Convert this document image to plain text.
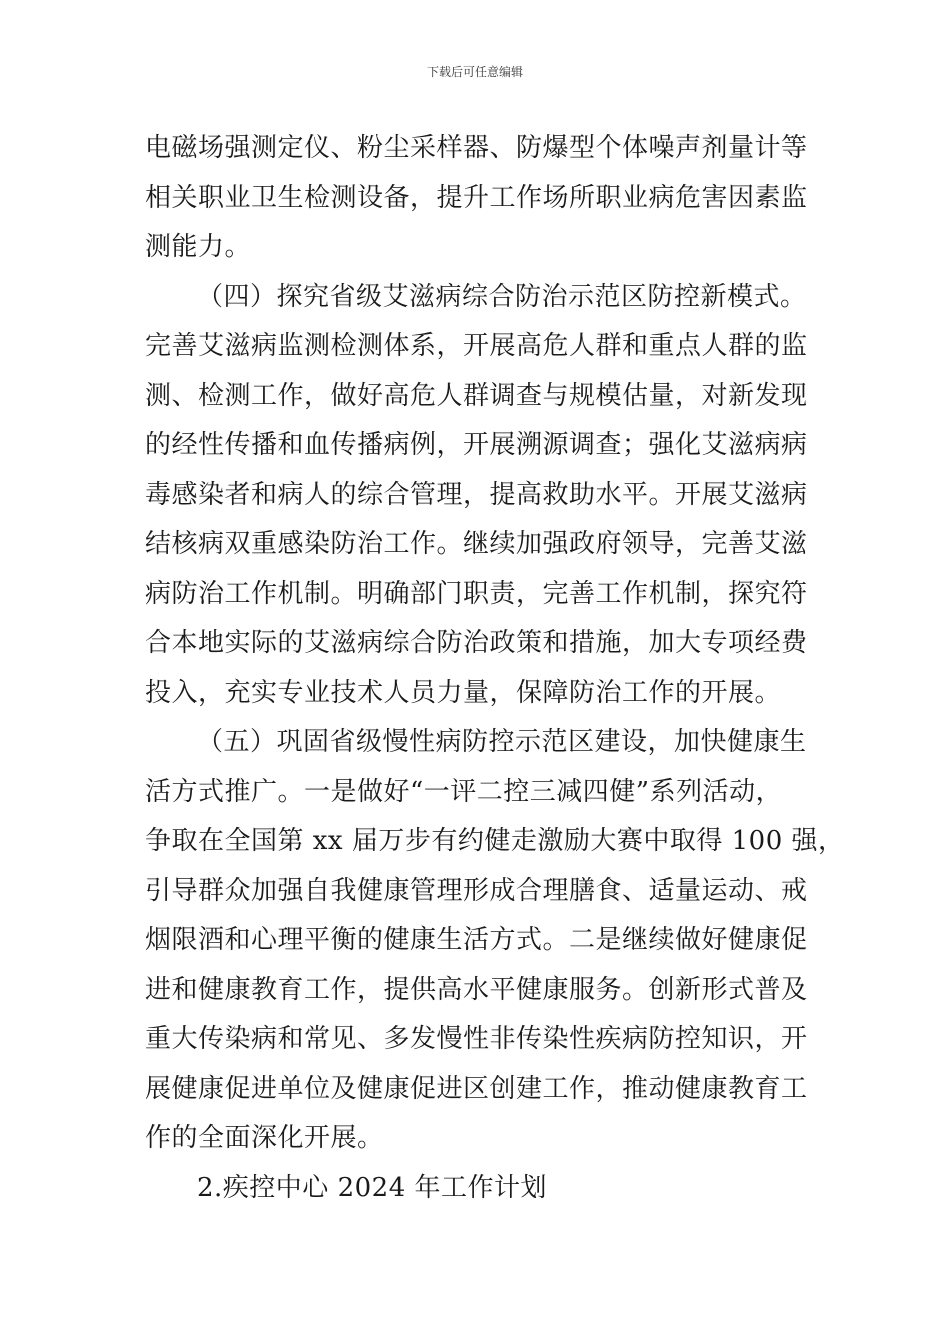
下载后可任意编辑

电磁场强测定仪、粉尘采样器、防爆型个体噪声剂量计等
相关职业卫生检测设备，提升工作场所职业病危害因素监
测能力。

（四）探究省级艾滋病综合防治示范区防控新模式。
完善艾滋病监测检测体系，开展高危人群和重点人群的监
测、检测工作，做好高危人群调查与规模估量，对新发现
的经性传播和血传播病例，开展溯源调查；强化艾滋病病
毒感染者和病人的综合管理，提高救助水平。开展艾滋病
结核病双重感染防治工作。继续加强政府领导，完善艾滋
病防治工作机制。明确部门职责，完善工作机制，探究符
合本地实际的艾滋病综合防治政策和措施，加大专项经费
投入，充实专业技术人员力量，保障防治工作的开展。

（五）巩固省级慢性病防控示范区建设，加快健康生
活方式推广。一是做好“一评二控三减四健”系列活动，
争取在全国第 xx 届万步有约健走激励大赛中取得 100 强，
引导群众加强自我健康管理形成合理膳食、适量运动、戒
烟限酒和心理平衡的健康生活方式。二是继续做好健康促
进和健康教育工作，提供高水平健康服务。创新形式普及
重大传染病和常见、多发慢性非传染性疾病防控知识，开
展健康促进单位及健康促进区创建工作，推动健康教育工
作的全面深化开展。

2.疾控中心 2024 年工作计划
